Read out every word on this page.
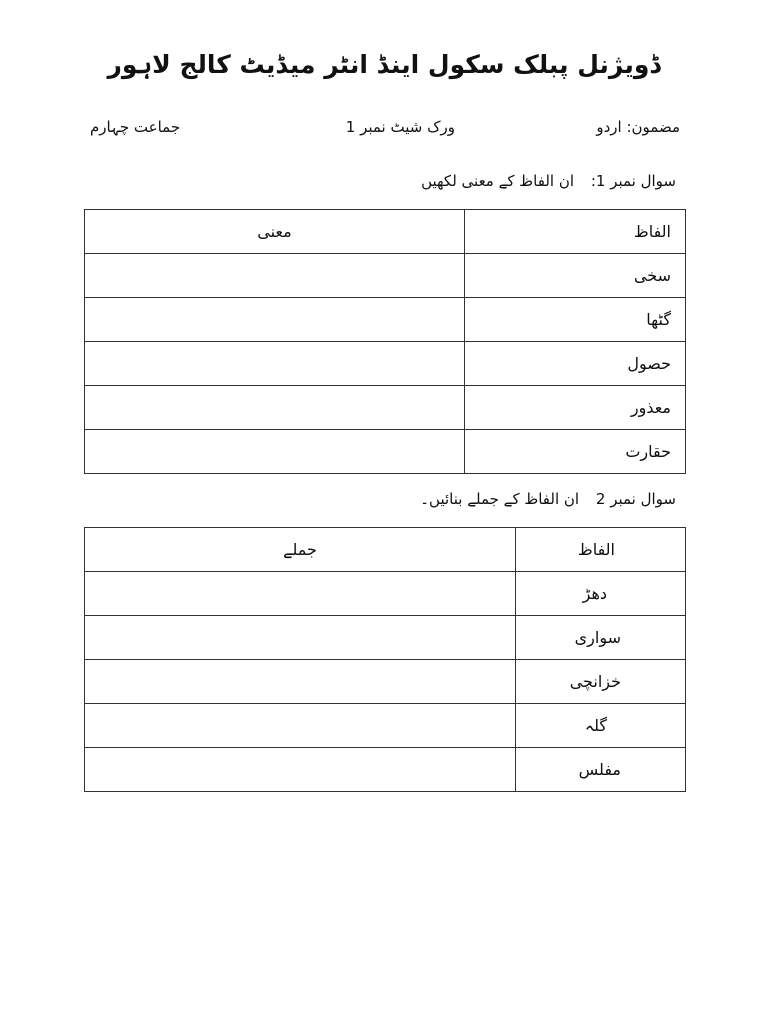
ڈویژنل پبلک سکول اینڈ انٹر میڈیٹ کالج لاہور
مضمون: اردو
ورک شیٹ نمبر 1
جماعت چہارم
سوال نمبر 1: ان الفاظ کے معنی لکھیں
الفاظ	معنی
سخی	
گٹھا	
حصول	
معذور	
حقارت	
سوال نمبر 2 ان الفاظ کے جملے بنائیں۔
الفاظ	جملے
دھڑ	
سواری	
خزانچی	
گلہ	
مفلس	
